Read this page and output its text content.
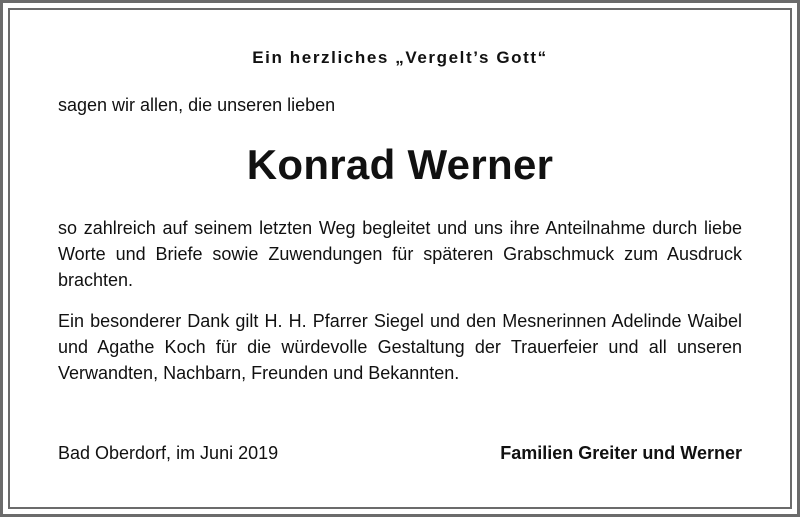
Ein herzliches „Vergelt’s Gott“
sagen wir allen, die unseren lieben
Konrad Werner

so zahlreich auf seinem letzten Weg begleitet und uns ihre Anteilnahme durch liebe Worte und Briefe sowie Zuwendungen für späteren Grabschmuck zum Ausdruck brachten.

Ein besonderer Dank gilt H. H. Pfarrer Siegel und den Mesnerinnen Adelinde Waibel und Agathe Koch für die würdevolle Gestaltung der Trauerfeier und all unseren Verwandten, Nachbarn, Freunden und Bekannten.

Bad Oberdorf, im Juni 2019	Familien Greiter und Werner
